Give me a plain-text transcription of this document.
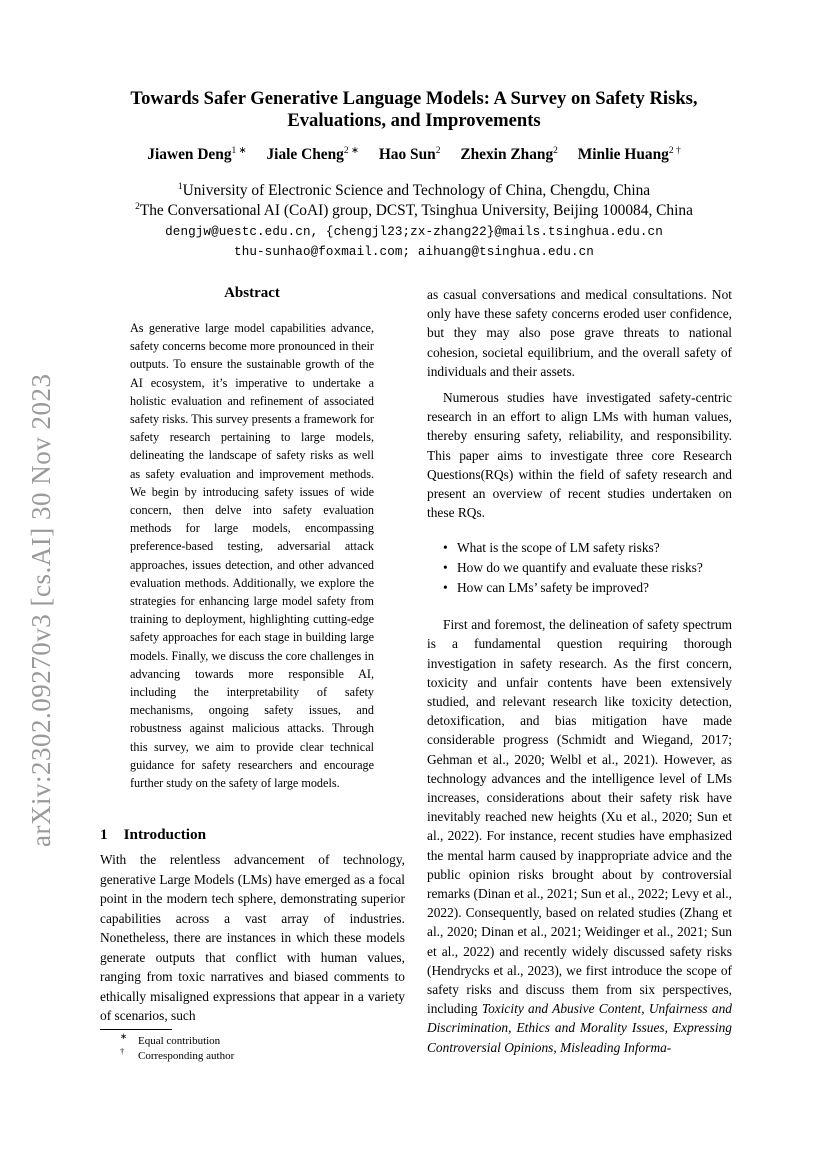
arXiv:2302.09270v3 [cs.AI] 30 Nov 2023
Towards Safer Generative Language Models: A Survey on Safety Risks,
Evaluations, and Improvements
Jiawen Deng$^{1 ∗}$ Jiale Cheng$^{2 ∗}$ Hao Sun$^2$ Zhexin Zhang$^2$ Minlie Huang$^{2 \dagger}$
$^1$University of Electronic Science and Technology of China, Chengdu, China
$^2$The Conversational AI (CoAI) group, DCST, Tsinghua University, Beijing 100084, China
dengjw@uestc.edu.cn, {chengjl23;zx-zhang22}@mails.tsinghua.edu.cn
thu-sunhao@foxmail.com; aihuang@tsinghua.edu.cn
Abstract
As generative large model capabilities advance, safety concerns become more pronounced in their outputs. To ensure the sustainable growth of the AI ecosystem, it’s imperative to undertake a holistic evaluation and refinement of associated safety risks. This survey presents a framework for safety research pertaining to large models, delineating the landscape of safety risks as well as safety evaluation and improvement methods. We begin by introducing safety issues of wide concern, then delve into safety evaluation methods for large models, encompassing preference-based testing, adversarial attack approaches, issues detection, and other advanced evaluation methods. Additionally, we explore the strategies for enhancing large model safety from training to deployment, highlighting cutting-edge safety approaches for each stage in building large models. Finally, we discuss the core challenges in advancing towards more responsible AI, including the interpretability of safety mechanisms, ongoing safety issues, and robustness against malicious attacks. Through this survey, we aim to provide clear technical guidance for safety researchers and encourage further study on the safety of large models.
1 Introduction
With the relentless advancement of technology, generative Large Models (LMs) have emerged as a focal point in the modern tech sphere, demonstrating superior capabilities across a vast array of industries. Nonetheless, there are instances in which these models generate outputs that conflict with human values, ranging from toxic narratives and biased comments to ethically misaligned expressions that appear in a variety of scenarios, such

as casual conversations and medical consultations. Not only have these safety concerns eroded user confidence, but they may also pose grave threats to national cohesion, societal equilibrium, and the overall safety of individuals and their assets.

Numerous studies have investigated safety-centric research in an effort to align LMs with human values, thereby ensuring safety, reliability, and responsibility. This paper aims to investigate three core Research Questions(RQs) within the field of safety research and present an overview of recent studies undertaken on these RQs.

• What is the scope of LM safety risks?
• How do we quantify and evaluate these risks?
• How can LMs’ safety be improved?

First and foremost, the delineation of safety spectrum is a fundamental question requiring thorough investigation in safety research. As the first concern, toxicity and unfair contents have been extensively studied, and relevant research like toxicity detection, detoxification, and bias mitigation have made considerable progress (Schmidt and Wiegand, 2017; Gehman et al., 2020; Welbl et al., 2021). However, as technology advances and the intelligence level of LMs increases, considerations about their safety risk have inevitably reached new heights (Xu et al., 2020; Sun et al., 2022). For instance, recent studies have emphasized the mental harm caused by inappropriate advice and the public opinion risks brought about by controversial remarks (Dinan et al., 2021; Sun et al., 2022; Levy et al., 2022). Consequently, based on related studies (Zhang et al., 2020; Dinan et al., 2021; Weidinger et al., 2021; Sun et al., 2022) and recently widely discussed safety risks (Hendrycks et al., 2023), we first introduce the scope of safety risks and discuss them from six perspectives, including Toxicity and Abusive Content, Unfairness and Discrimination, Ethics and Morality Issues, Expressing Controversial Opinions, Misleading Informa-

∗ Equal contribution
† Corresponding author
